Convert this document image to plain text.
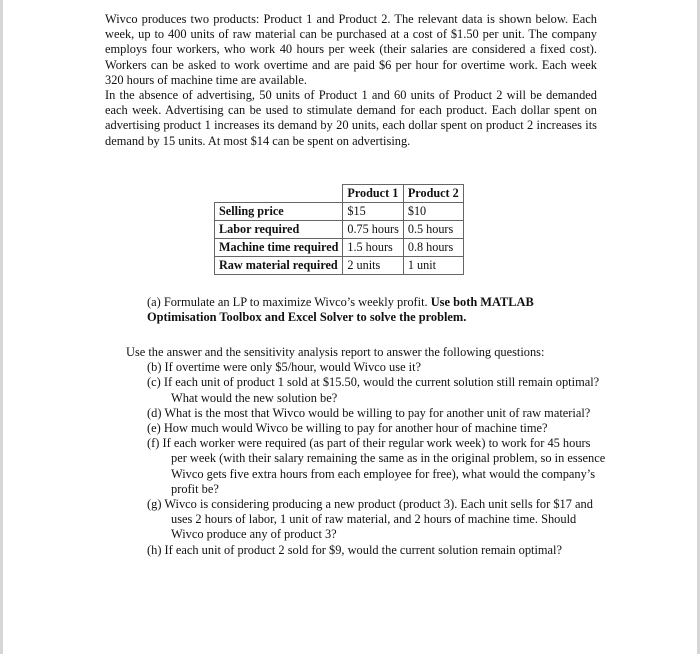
Wivco produces two products: Product 1 and Product 2. The relevant data is shown below. Each week, up to 400 units of raw material can be purchased at a cost of $1.50 per unit. The company employs four workers, who work 40 hours per week (their salaries are considered a fixed cost). Workers can be asked to work overtime and are paid $6 per hour for overtime work. Each week 320 hours of machine time are available.

In the absence of advertising, 50 units of Product 1 and 60 units of Product 2 will be demanded each week. Advertising can be used to stimulate demand for each product. Each dollar spent on advertising product 1 increases its demand by 20 units, each dollar spent on product 2 increases its demand by 15 units. At most $14 can be spent on advertising.

	Product 1	Product 2
Selling price	$15	$10
Labor required	0.75 hours	0.5 hours
Machine time required	1.5 hours	0.8 hours
Raw material required	2 units	1 unit
(a) Formulate an LP to maximize Wivco’s weekly profit. Use both MATLAB Optimisation Toolbox and Excel Solver to solve the problem.

Use the answer and the sensitivity analysis report to answer the following questions:

(b) If overtime were only $5/hour, would Wivco use it?
(c) If each unit of product 1 sold at $15.50, would the current solution still remain optimal? What would the new solution be?
(d) What is the most that Wivco would be willing to pay for another unit of raw material?
(e) How much would Wivco be willing to pay for another hour of machine time?
(f) If each worker were required (as part of their regular work week) to work for 45 hours per week (with their salary remaining the same as in the original problem, so in essence Wivco gets five extra hours from each employee for free), what would the company’s profit be?
(g) Wivco is considering producing a new product (product 3). Each unit sells for $17 and uses 2 hours of labor, 1 unit of raw material, and 2 hours of machine time. Should Wivco produce any of product 3?
(h) If each unit of product 2 sold for $9, would the current solution remain optimal?
